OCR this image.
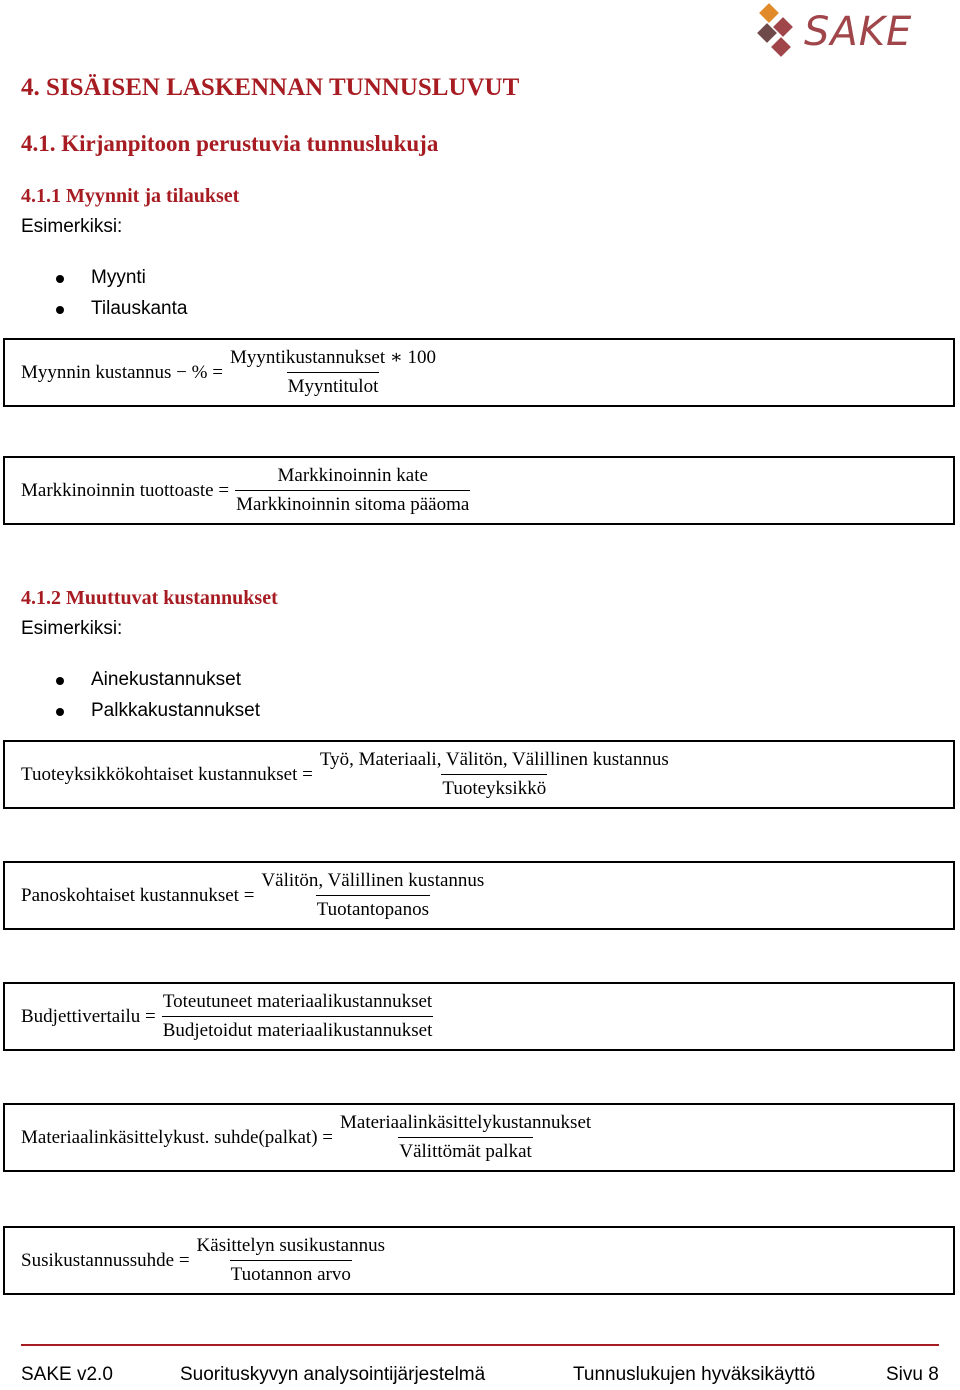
SAKE
4. SISÄISEN LASKENNAN TUNNUSLUVUT
4.1. Kirjanpitoon perustuvia tunnuslukuja
4.1.1 Myynnit ja tilaukset
Esimerkiksi:
Myynti
Tilauskanta
Myynnin kustannus − % = $\frac{\text{Myyntikustannukset ∗ 100}}{\text{Myyntitulot}}$
Markkinoinnin tuottoaste = $\frac{\text{Markkinoinnin kate}}{\text{Markkinoinnin sitoma pääoma}}$
4.1.2 Muuttuvat kustannukset
Esimerkiksi:
Ainekustannukset
Palkkakustannukset
Tuoteyksikkökohtaiset kustannukset = $\frac{\text{Työ, Materiaali, Välitön, Välillinen kustannus}}{\text{Tuoteyksikkö}}$
Panoskohtaiset kustannukset = $\frac{\text{Välitön, Välillinen kustannus}}{\text{Tuotantopanos}}$
Budjettivertailu = $\frac{\text{Toteutuneet materiaalikustannukset}}{\text{Budjetoidut materiaalikustannukset}}$
Materiaalinkäsittelykust. suhde(palkat) = $\frac{\text{Materiaalinkäsittelykustannukset}}{\text{Välittömät palkat}}$
Susikustannussuhde = $\frac{\text{Käsittelyn susikustannus}}{\text{Tuotannon arvo}}$
SAKE v2.0	Suorituskyvyn analysointijärjestelmä	Tunnuslukujen hyväksikäyttö	Sivu 8
